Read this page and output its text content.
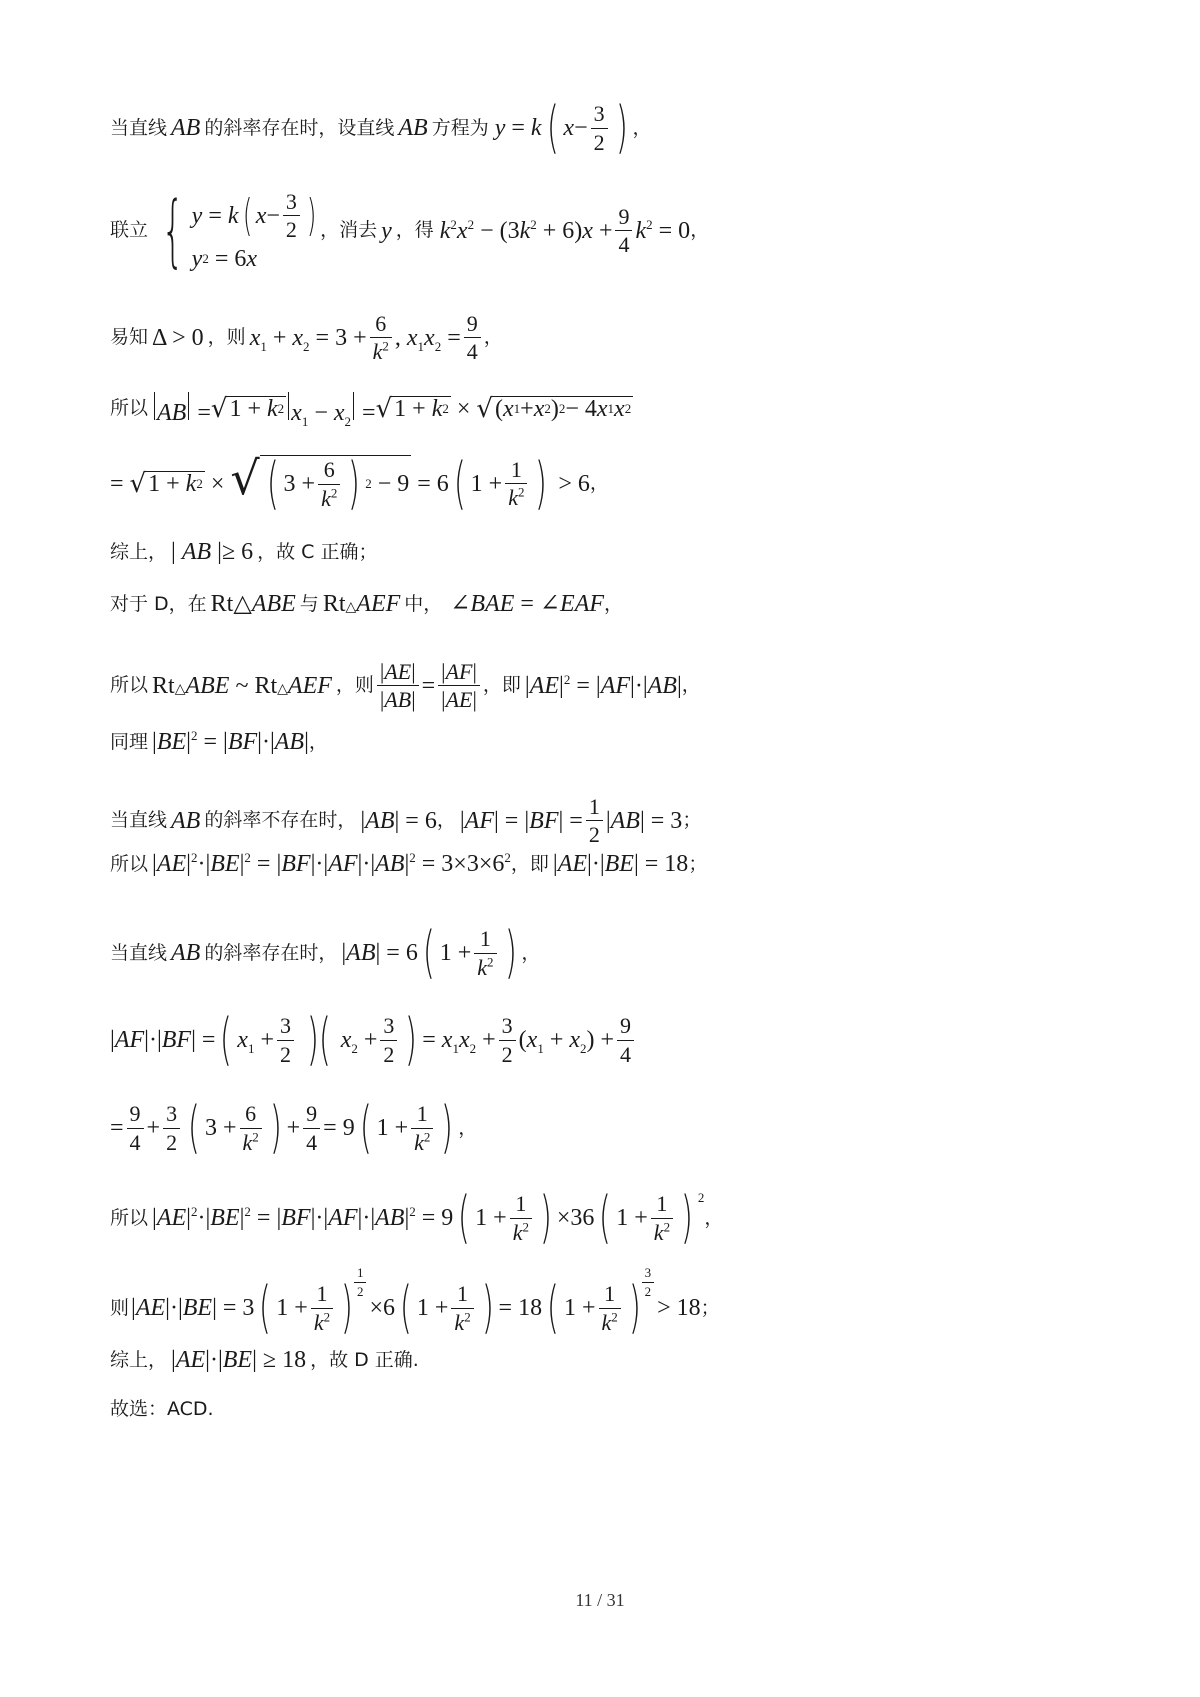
当直线 AB 的斜率存在时，设直线 AB 方程为 y = k ( $x - \frac{3}{2}$ ) ，
联立 { y = k ( $x - \frac{3}{2}$ )
y 2 = 6 x
，消去 y ，得 $k^2x^2 - (3k^2 + 6)x + \frac{9}{4} k^2 = 0$ ，
易知 Δ > 0 ，则 $x_1 + x_2 = 3 + \frac{6}{k^2}$ , $x_1x_2 = \frac{9}{4}$ ，
所以 AB = √ 1 + k 2 $x_1 - x_2$ = √ 1 + k 2 × √ ( x 1 + x 2 ) 2 − 4 x 1 x 2
= √ 1 + k 2 × √ ( $3 + \frac{6}{k^2}$ ) 2 − 9 = 6 ( $1 + \frac{1}{k^2}$ ) > 6 ，
综上， | AB |≥ 6 ，故 C 正确；
对于 D，在 Rt△ABE 与 Rt△AEF 中， ∠BAE = ∠EAF ，
所以 Rt△ABE ~ Rt△AEF ，则 $\frac{|AE|}{|AB|} = \frac{|AF|}{|AE|}$ ，即 $|AE|^2 = |AF|\cdot|AB|$ ，
同理 $|BE|^2 = |BF|\cdot|AB|$ ，
当直线 AB 的斜率不存在时， |AB| = 6 ， $|AF| = |BF| = \frac{1}{2} |AB| = 3$ ；
所以 $|AE|^2\cdot|BE|^2 = |BF|\cdot|AF|\cdot|AB|^2 = 3\times 3\times 6^2$ ，即 |AE|·|BE| = 18 ；
当直线 AB 的斜率存在时， |AB| = 6 ( $1 + \frac{1}{k^2}$ ) ，
|AF|·|BF| = ( $x_1 + \frac{3}{2}$ )( $x_2 + \frac{3}{2}$ ) = $x_1x_2 + \frac{3}{2} (x_1 + x_2) + \frac{9}{4}$
= $\frac{9}{4} + \frac{3}{2}$ ( $3 + \frac{6}{k^2}$ ) + $\frac{9}{4} = 9$ ( $1 + \frac{1}{k^2}$ ) ，
所以 $|AE|^2\cdot|BE|^2 = |BF|\cdot|AF|\cdot|AB|^2 = 9$ ( $1 + \frac{1}{k^2}$ ) ×36 ( $1 + \frac{1}{k^2}$ ) $^2$
，
则 |AE|·|BE| = 3 ( $1 + \frac{1}{k^2}$ ) $\frac{1}{2}$
×6 ( $1 + \frac{1}{k^2}$ ) = 18 ( $1 + \frac{1}{k^2}$ ) $\frac{3}{2}$
> 18 ；
综上， |AE|·|BE| ≥ 18 ，故 D 正确.
故选：ACD.
11 / 31
